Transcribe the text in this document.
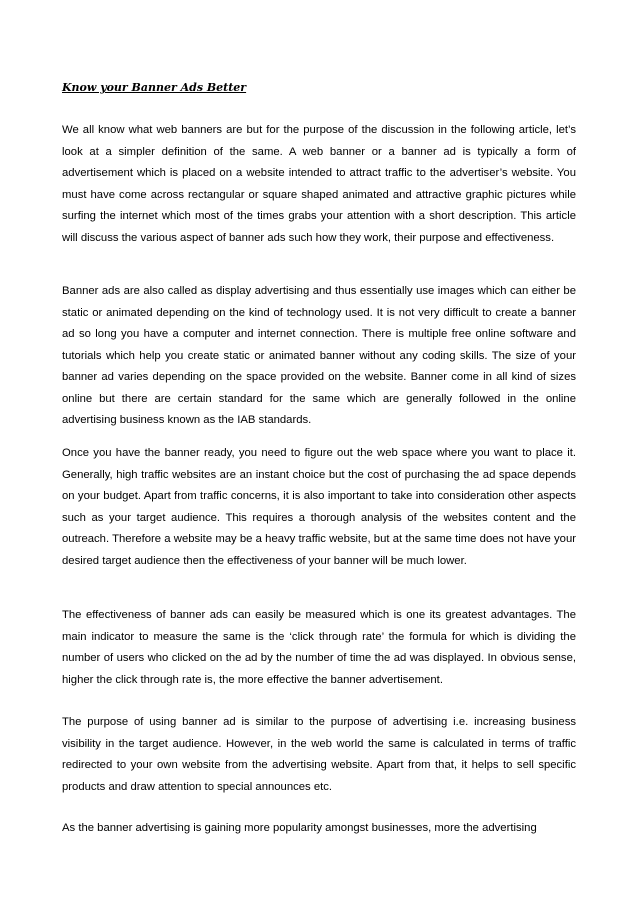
Know your Banner Ads Better

We all know what web banners are but for the purpose of the discussion in the following article, let’s look at a simpler definition of the same. A web banner or a banner ad is typically a form of advertisement which is placed on a website intended to attract traffic to the advertiser’s website. You must have come across rectangular or square shaped animated and attractive graphic pictures while surfing the internet which most of the times grabs your attention with a short description. This article will discuss the various aspect of banner ads such how they work, their purpose and effectiveness.

Banner ads are also called as display advertising and thus essentially use images which can either be static or animated depending on the kind of technology used. It is not very difficult to create a banner ad so long you have a computer and internet connection. There is multiple free online software and tutorials which help you create static or animated banner without any coding skills. The size of your banner ad varies depending on the space provided on the website. Banner come in all kind of sizes online but there are certain standard for the same which are generally followed in the online advertising business known as the IAB standards.

Once you have the banner ready, you need to figure out the web space where you want to place it. Generally, high traffic websites are an instant choice but the cost of purchasing the ad space depends on your budget. Apart from traffic concerns, it is also important to take into consideration other aspects such as your target audience. This requires a thorough analysis of the websites content and the outreach. Therefore a website may be a heavy traffic website, but at the same time does not have your desired target audience then the effectiveness of your banner will be much lower.

The effectiveness of banner ads can easily be measured which is one its greatest advantages. The main indicator to measure the same is the ‘click through rate’ the formula for which is dividing the number of users who clicked on the ad by the number of time the ad was displayed. In obvious sense, higher the click through rate is, the more effective the banner advertisement.

The purpose of using banner ad is similar to the purpose of advertising i.e. increasing business visibility in the target audience. However, in the web world the same is calculated in terms of traffic redirected to your own website from the advertising website. Apart from that, it helps to sell specific products and draw attention to special announces etc.

As the banner advertising is gaining more popularity amongst businesses, more the advertising
